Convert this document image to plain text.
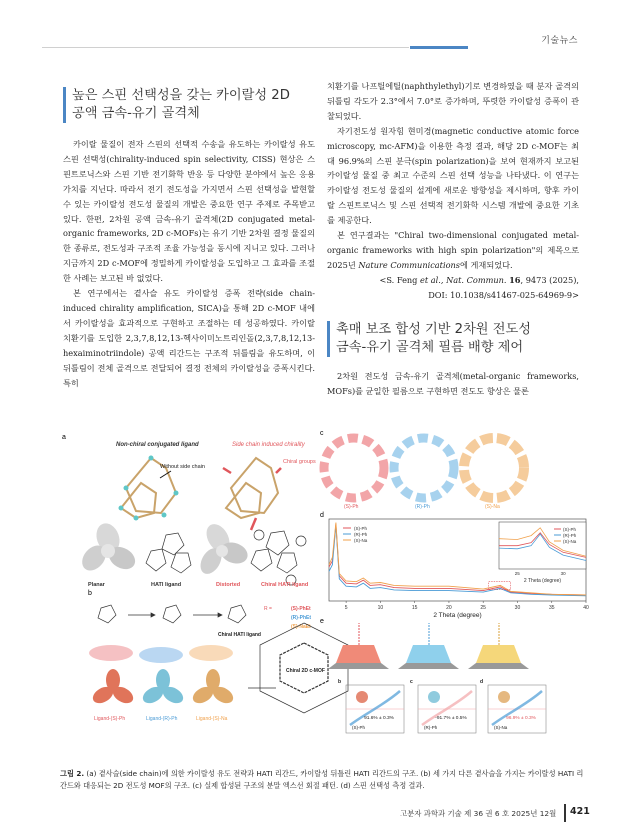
기술뉴스
높은 스핀 선택성을 갖는 카이랄성 2D
공액 금속-유기 골격체

카이랄 물질이 전자 스핀의 선택적 수송을 유도하는 카이랄성 유도 스핀 선택성(chirality-induced spin selectivity, CISS) 현상은 스핀트로닉스와 스핀 기반 전기화학 반응 등 다양한 분야에서 높은 응용 가치를 지닌다. 따라서 전기 전도성을 가지면서 스핀 선택성을 발현할 수 있는 카이랄성 전도성 물질의 개발은 중요한 연구 주제로 주목받고 있다. 한편, 2차원 공액 금속-유기 골격체(2D conjugated metal-organic frameworks, 2D c-MOFs)는 유기 기반 2차원 결정 물질의 한 종류로, 전도성과 구조적 조율 가능성을 동시에 지니고 있다. 그러나 지금까지 2D c-MOF에 정밀하게 카이랄성을 도입하고 그 효과를 조절한 사례는 보고된 바 없었다.

본 연구에서는 곁사슬 유도 카이랄성 증폭 전략(side chain-induced chirality amplification, SICA)을 통해 2D c-MOF 내에서 카이랄성을 효과적으로 구현하고 조절하는 데 성공하였다. 카이랄 치환기를 도입한 2,3,7,8,12,13-헥사이미노트리인돌(2,3,7,8,12,13-hexaiminotriindole) 공액 리간드는 구조적 뒤틀림을 유도하며, 이 뒤틀림이 전체 골격으로 전달되어 결정 전체의 카이랄성을 증폭시킨다. 특히

치환기를 나프틸에틸(naphthylethyl)기로 변경하였을 때 분자 골격의 뒤틀림 각도가 2.3°에서 7.0°로 증가하며, 뚜렷한 카이랄성 증폭이 관찰되었다.

자기전도성 원자힘 현미경(magnetic conductive atomic force microscopy, mc-AFM)을 이용한 측정 결과, 해당 2D c-MOF는 최대 96.9%의 스핀 분극(spin polarization)을 보여 현재까지 보고된 카이랄성 물질 중 최고 수준의 스핀 선택 성능을 나타냈다. 이 연구는 카이랄성 전도성 물질의 설계에 새로운 방향성을 제시하며, 향후 카이랄 스핀트로닉스 및 스핀 선택적 전기화학 시스템 개발에 중요한 기초를 제공한다.

본 연구결과는 "Chiral two-dimensional conjugated metal-organic frameworks with high spin polarization"의 제목으로 2025년 Nature Communications에 게재되었다.

<S. Feng et al., Nat. Commun. 16, 9473 (2025),

DOI: 10.1038/s41467-025-64969-9>

촉매 보조 합성 기반 2차원 전도성
금속-유기 골격체 필름 배향 제어

2차원 전도성 금속-유기 골격체(metal-organic frameworks, MOFs)를 균일한 필름으로 구현하면 전도도 향상은 물론

a
Non-chiral conjugated ligand	Side chain induced chirality
Without side chain
Chiral groups
Planar	HATI ligand	Distorted	Chiral HATI ligand
b
Chiral HATI ligand
R =	(S)-PhEt
(R)-PhEt
(S)-NaEt
Ligand-(S)-Ph	Ligand-(R)-Ph	Ligand-(S)-Na
Chiral 2D c-MOF
c
(S)-Ph	(R)-Ph	(S)-Na
d
5	10	15	20	25	30	35	40
2 Theta (degree)
(S)-Ph
(R)-Ph
(S)-Na
25	30
2 Theta (degree)
(S)-Ph
(R)-Ph
(S)-Na
e
b
91.6% ± 0.3%
(S)-Ph
c
-91.7% ± 0.5%
(R)-Ph
d
96.9% ± 0.3%
(S)-Na
그림 2. (a) 곁사슬(side chain)에 의한 카이랄성 유도 전략과 HATI 리간드, 카이랄성 뒤틀린 HATI 리간드의 구조. (b) 세 가지 다른 곁사슬을 가지는 카이랄성 HATI 리간드와 대응되는 2D 전도성 MOF의 구조. (c) 실제 합성된 구조의 분말 엑스선 회절 패턴. (d) 스핀 선택성 측정 결과.
고분자 과학과 기술 제 36 권 6 호 2025년 12월 421
